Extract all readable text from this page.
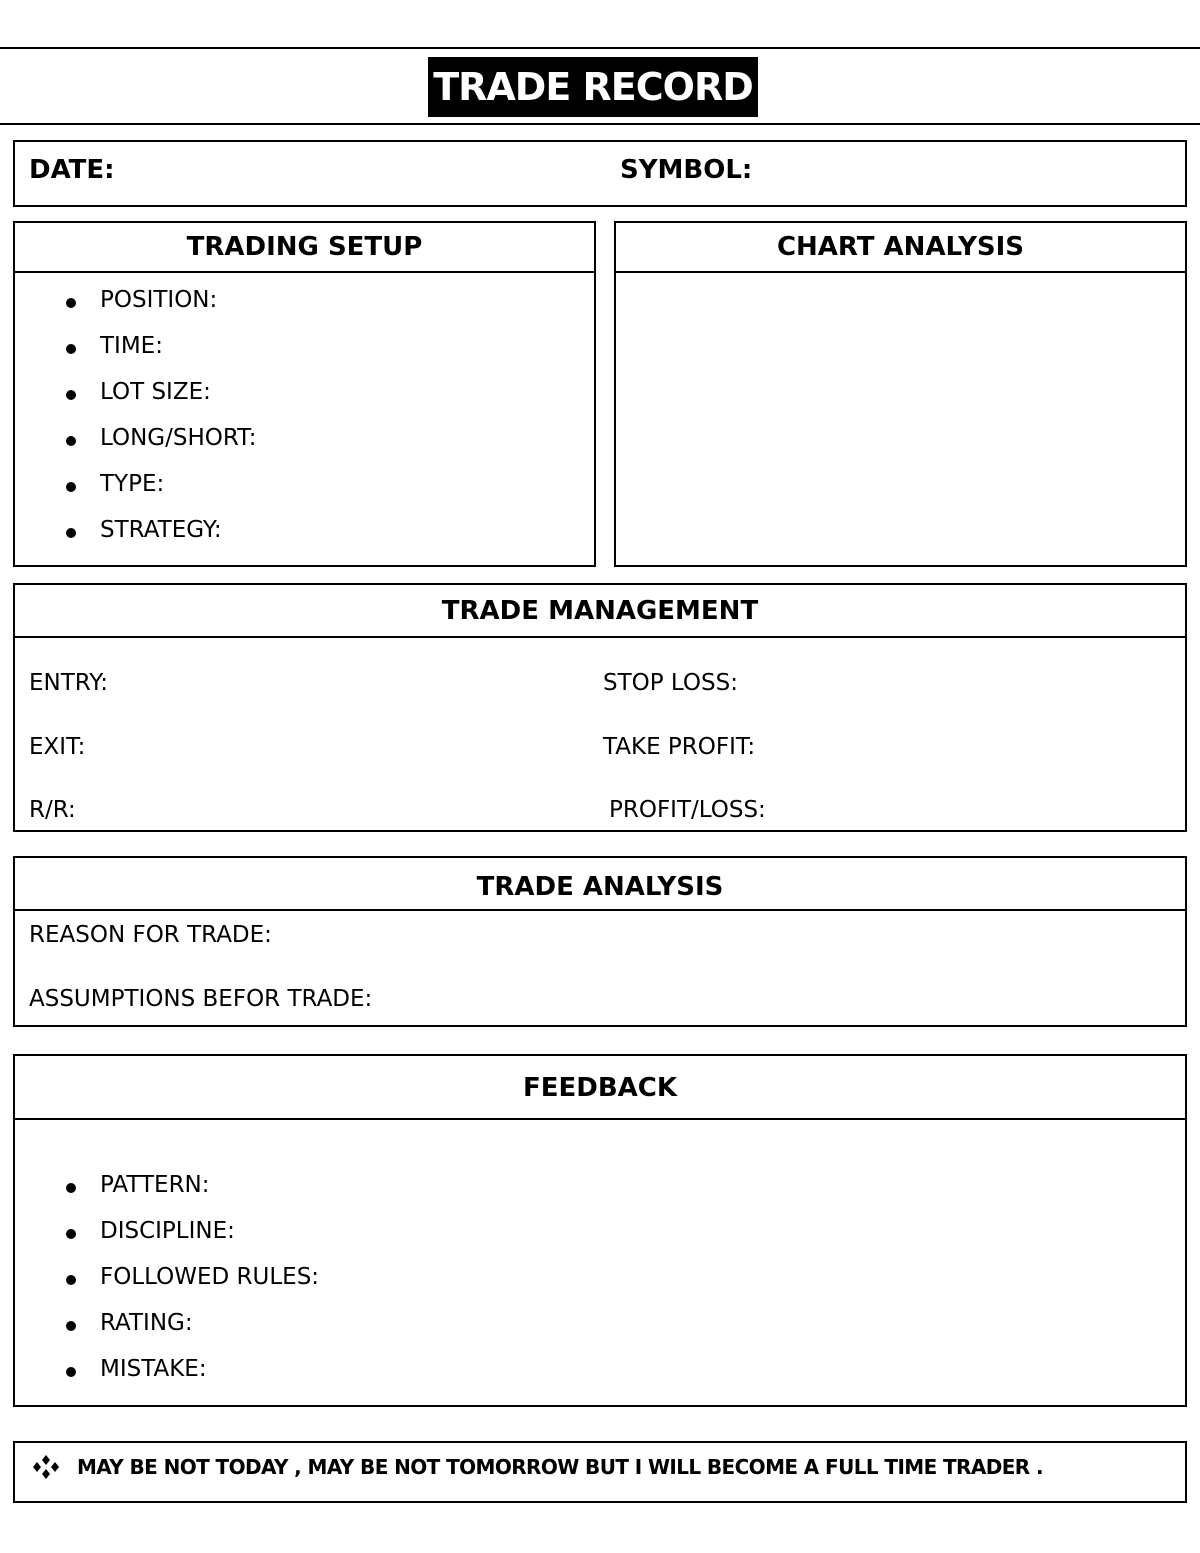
TRADE RECORD
DATE:	SYMBOL:
TRADING SETUP
POSITION:
TIME:
LOT SIZE:
LONG/SHORT:
TYPE:
STRATEGY:
CHART ANALYSIS
TRADE MANAGEMENT
ENTRY:	STOP LOSS:
EXIT:	TAKE PROFIT:
R/R:	PROFIT/LOSS:
TRADE ANALYSIS
REASON FOR TRADE:
ASSUMPTIONS BEFOR TRADE:
FEEDBACK
PATTERN:
DISCIPLINE:
FOLLOWED RULES:
RATING:
MISTAKE:
MAY BE NOT TODAY , MAY BE NOT TOMORROW BUT I WILL BECOME A FULL TIME TRADER .
